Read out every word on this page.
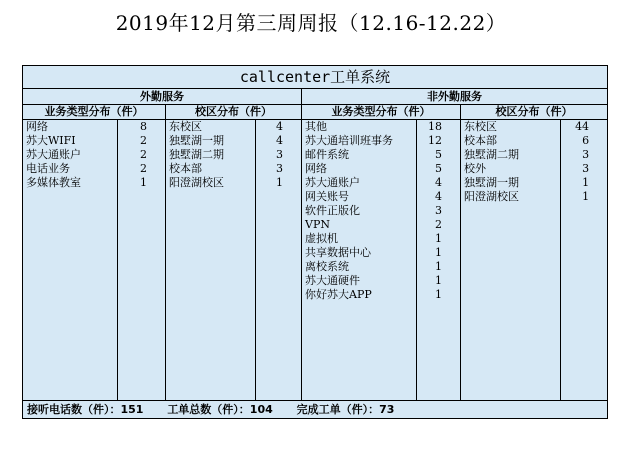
2019年12月第三周周报（12.16-12.22）
callcenter工单系统							
外勤服务				非外勤服务			
业务类型分布（件）		校区分布（件）		业务类型分布（件）		校区分布（件）	
网络	8	东校区	4	其他	18	东校区	44
苏大WIFI	2	独墅湖一期	4	苏大通培训班事务	12	校本部	6
苏大通账户	2	独墅湖二期	3	邮件系统	5	独墅湖二期	3
电话业务	2	校本部	3	网络	5	校外	3
多媒体教室	1	阳澄湖校区	1	苏大通账户	4	独墅湖一期	1
				网关账号	4	阳澄湖校区	1
				软件正版化	3		
				VPN	2		
				虚拟机	1		
				共享数据中心	1		
				离校系统	1		
				苏大通硬件	1		
				你好苏大APP	1		

接听电话数（件）：151 工单总数（件）：104 完成工单（件）：73							
